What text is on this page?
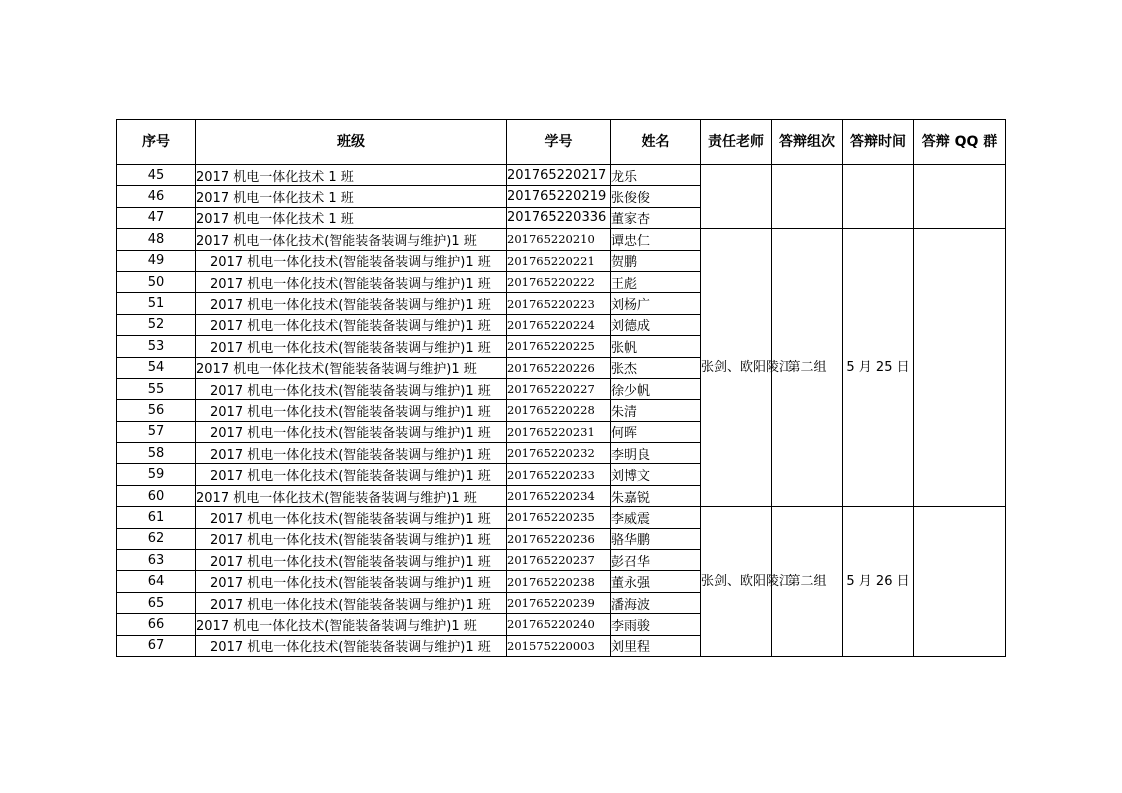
序号	班级	学号	姓名	责任老师	答辩组次	答辩时间	答辩 QQ 群
45	2017 机电一体化技术 1 班	201765220217	龙乐				
46	2017 机电一体化技术 1 班	201765220219	张俊俊				
47	2017 机电一体化技术 1 班	201765220336	董家杏				
48	2017 机电一体化技术(智能装备装调与维护)1 班	201765220210	谭忠仁	张剑、欧阳陵江	第二组	5 月 25 日	
49	2017 机电一体化技术(智能装备装调与维护)1 班	201765220221	贺鹏				
50	2017 机电一体化技术(智能装备装调与维护)1 班	201765220222	王彪				
51	2017 机电一体化技术(智能装备装调与维护)1 班	201765220223	刘杨广				
52	2017 机电一体化技术(智能装备装调与维护)1 班	201765220224	刘德成				
53	2017 机电一体化技术(智能装备装调与维护)1 班	201765220225	张帆				
54	2017 机电一体化技术(智能装备装调与维护)1 班	201765220226	张杰				
55	2017 机电一体化技术(智能装备装调与维护)1 班	201765220227	徐少帆				
56	2017 机电一体化技术(智能装备装调与维护)1 班	201765220228	朱清				
57	2017 机电一体化技术(智能装备装调与维护)1 班	201765220231	何晖				
58	2017 机电一体化技术(智能装备装调与维护)1 班	201765220232	李明良				
59	2017 机电一体化技术(智能装备装调与维护)1 班	201765220233	刘博文				
60	2017 机电一体化技术(智能装备装调与维护)1 班	201765220234	朱嘉锐				
61	2017 机电一体化技术(智能装备装调与维护)1 班	201765220235	李威震	张剑、欧阳陵江	第二组	5 月 26 日	
62	2017 机电一体化技术(智能装备装调与维护)1 班	201765220236	骆华鹏				
63	2017 机电一体化技术(智能装备装调与维护)1 班	201765220237	彭召华				
64	2017 机电一体化技术(智能装备装调与维护)1 班	201765220238	董永强				
65	2017 机电一体化技术(智能装备装调与维护)1 班	201765220239	潘海波				
66	2017 机电一体化技术(智能装备装调与维护)1 班	201765220240	李雨骏				
67	2017 机电一体化技术(智能装备装调与维护)1 班	201575220003	刘里程				
